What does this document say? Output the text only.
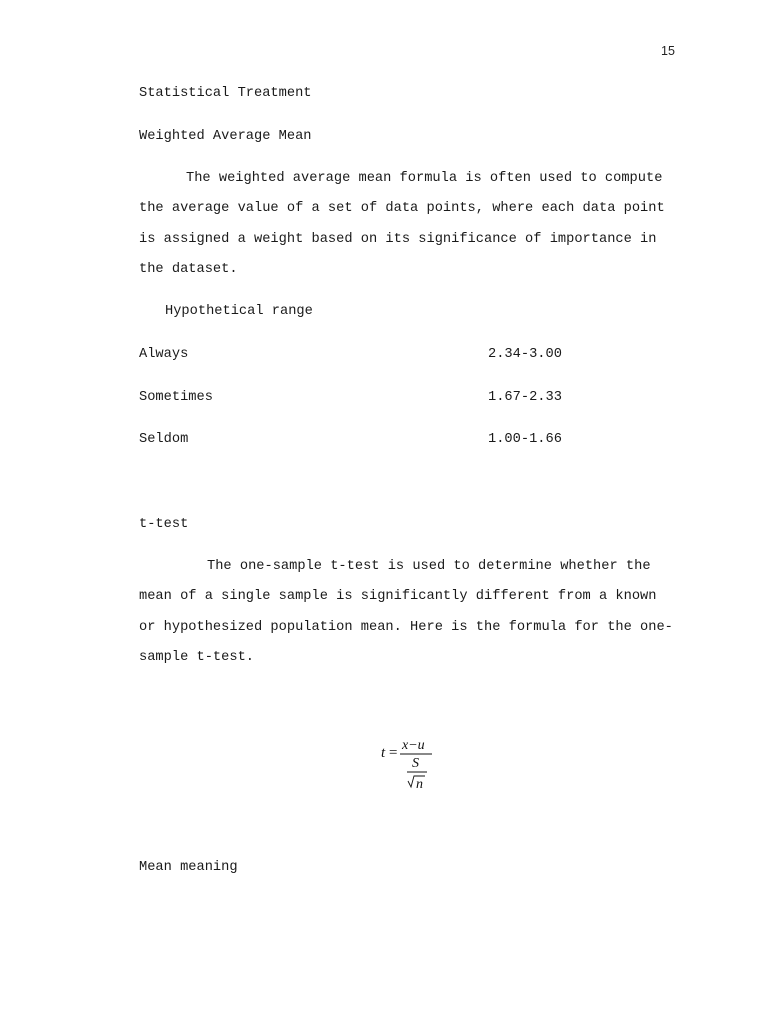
15
Statistical Treatment
Weighted Average Mean
The weighted average mean formula is often used to compute the average value of a set of data points, where each data point is assigned a weight based on its significance of importance in the dataset.
Hypothetical range
Always	2.34-3.00
Sometimes	1.67-2.33
Seldom	1.00-1.66
t-test
The one-sample t-test is used to determine whether the mean of a single sample is significantly different from a known or hypothesized population mean. Here is the formula for the one-sample t-test.
t = x−u
S
n
Mean meaning
